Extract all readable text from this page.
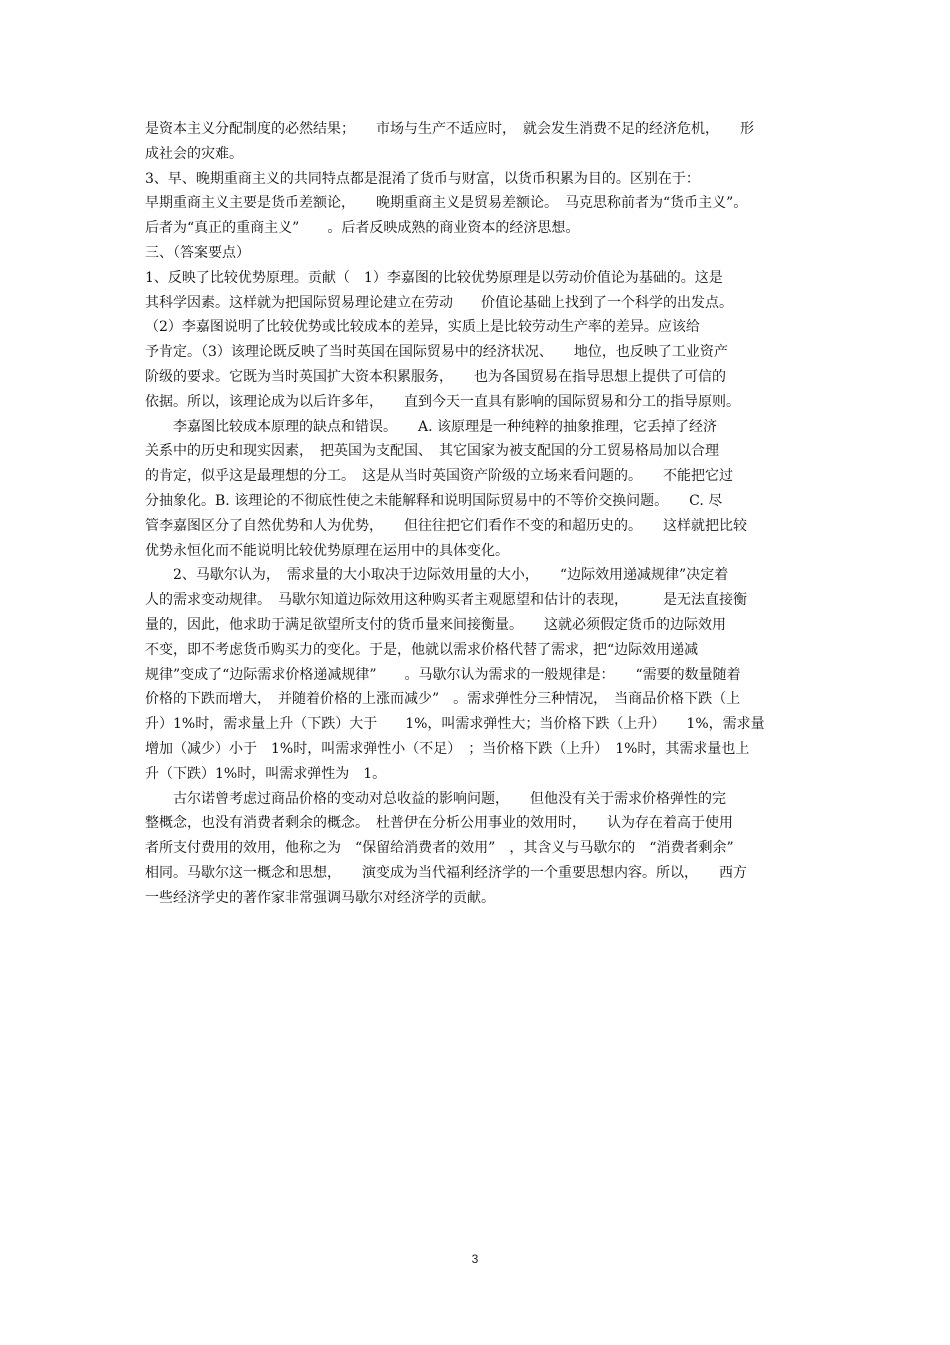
是资本主义分配制度的必然结果；　　市场与生产不适应时，　就会发生消费不足的经济危机，　　形
成社会的灾难。
3、早、晚期重商主义的共同特点都是混淆了货币与财富，以货币积累为目的。区别在于：
早期重商主义主要是货币差额论，　　晚期重商主义是贸易差额论。　马克思称前者为“货币主义”。
后者为“真正的重商主义”　　。后者反映成熟的商业资本的经济思想。
三、（答案要点）
1、反映了比较优势原理。贡献（　1）李嘉图的比较优势原理是以劳动价值论为基础的。这是
其科学因素。这样就为把国际贸易理论建立在劳动　　价值论基础上找到了一个科学的出发点。
（2）李嘉图说明了比较优势或比较成本的差异，实质上是比较劳动生产率的差异。应该给
予肯定。（3）该理论既反映了当时英国在国际贸易中的经济状况、　　地位，也反映了工业资产
阶级的要求。它既为当时英国扩大资本积累服务，　　也为各国贸易在指导思想上提供了可信的
依据。所以，该理论成为以后许多年，　　直到今天一直具有影响的国际贸易和分工的指导原则。
　　李嘉图比较成本原理的缺点和错误。　　A. 该原理是一种纯粹的抽象推理，它丢掉了经济
关系中的历史和现实因素，　把英国为支配国、　其它国家为被支配国的分工贸易格局加以合理
的肯定，似乎这是最理想的分工。　这是从当时英国资产阶级的立场来看问题的。　　不能把它过
分抽象化。B. 该理论的不彻底性使之未能解释和说明国际贸易中的不等价交换问题。　　C. 尽
管李嘉图区分了自然优势和人为优势，　　但往往把它们看作不变的和超历史的。　　这样就把比较
优势永恒化而不能说明比较优势原理在运用中的具体变化。
　　2、马歇尔认为，　需求量的大小取决于边际效用量的大小，　　“边际效用递减规律”决定着
人的需求变动规律。　马歇尔知道边际效用这种购买者主观愿望和估计的表现，　　　是无法直接衡
量的，因此，他求助于满足欲望所支付的货币量来间接衡量。　　这就必须假定货币的边际效用
不变，即不考虑货币购买力的变化。于是，他就以需求价格代替了需求，把“边际效用递减
规律”变成了“边际需求价格递减规律”　　。马歇尔认为需求的一般规律是：　　“需要的数量随着
价格的下跌而增大，　并随着价格的上涨而减少”　。需求弹性分三种情况，　当商品价格下跌（上
升）1%时，需求量上升（下跌）大于　　1%，叫需求弹性大；当价格下跌（上升）　　1%，需求量
增加（减少）小于　1%时，叫需求弹性小（不足）　；当价格下跌（上升）　1%时，其需求量也上
升（下跌）1%时，叫需求弹性为　1。
　　古尔诺曾考虑过商品价格的变动对总收益的影响问题，　　但他没有关于需求价格弹性的完
整概念，也没有消费者剩余的概念。　杜普伊在分析公用事业的效用时，　　认为存在着高于使用
者所支付费用的效用，他称之为　“保留给消费者的效用”　，其含义与马歇尔的　“消费者剩余”
相同。马歇尔这一概念和思想，　　演变成为当代福利经济学的一个重要思想内容。所以，　　西方
一些经济学史的著作家非常强调马歇尔对经济学的贡献。
3
